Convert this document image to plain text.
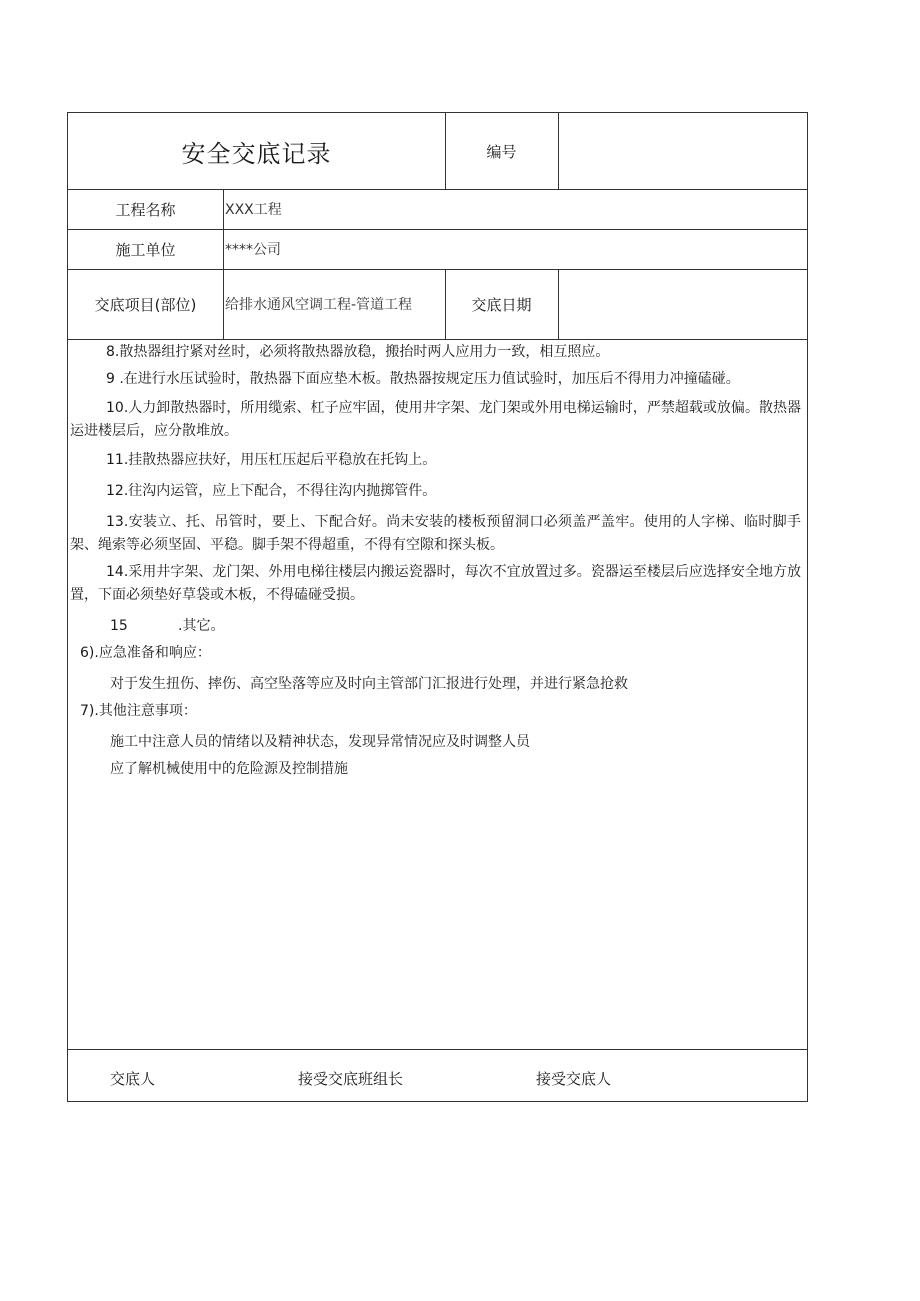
安全交底记录	编号
工程名称	XXX工程
施工单位	****公司
交底项目(部位)	给排水通风空调工程-管道工程	交底日期

8.散热器组拧紧对丝时，必须将散热器放稳，搬抬时两人应用力一致，相互照应。

9 .在进行水压试验时，散热器下面应垫木板。散热器按规定压力值试验时，加压后不得用力冲撞磕碰。

10.人力卸散热器时，所用缆索、杠子应牢固，使用井字架、龙门架或外用电梯运输时，严禁超载或放偏。散热器运进楼层后，应分散堆放。

11.挂散热器应扶好，用压杠压起后平稳放在托钩上。

12.往沟内运管，应上下配合，不得往沟内抛掷管件。

13.安装立、托、吊管时，要上、下配合好。尚未安装的楼板预留洞口必须盖严盖牢。使用的人字梯、临时脚手架、绳索等必须坚固、平稳。脚手架不得超重，不得有空隙和探头板。

14.采用井字架、龙门架、外用电梯往楼层内搬运瓷器时，每次不宜放置过多。瓷器运至楼层后应选择安全地方放置，下面必须垫好草袋或木板，不得磕碰受损。

15	.其它。

6).应急准备和响应：

对于发生扭伤、摔伤、高空坠落等应及时向主管部门汇报进行处理，并进行紧急抢救

7).其他注意事项：

施工中注意人员的情绪以及精神状态，发现异常情况应及时调整人员

应了解机械使用中的危险源及控制措施

交底人	接受交底班组长	接受交底人
